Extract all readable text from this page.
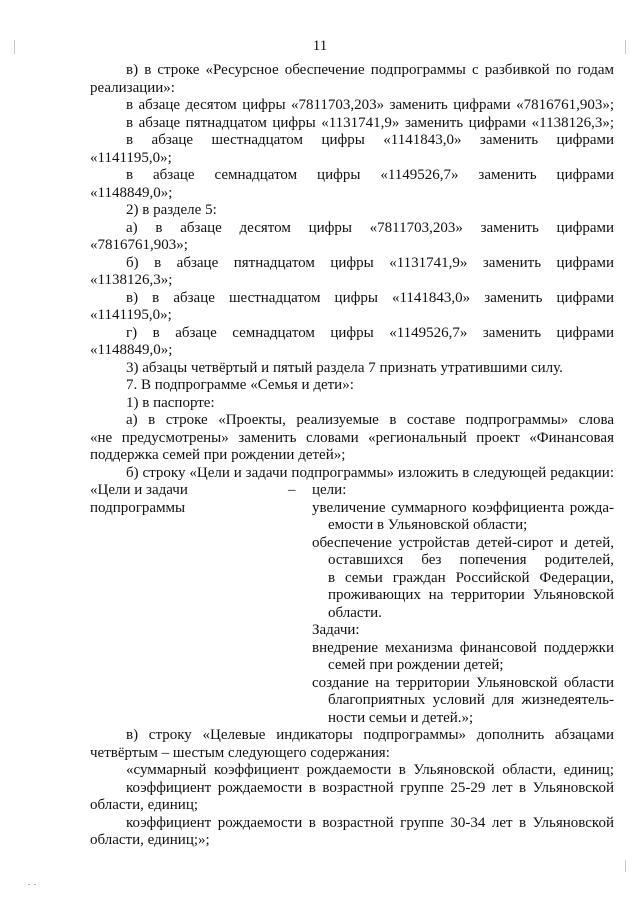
11
в) в строке «Ресурсное обеспечение подпрограммы с разбивкой по годам
реализации»:
в абзаце десятом цифры «7811703,203» заменить цифрами «7816761,903»;
в абзаце пятнадцатом цифры «1131741,9» заменить цифрами «1138126,3»;
в абзаце шестнадцатом цифры «1141843,0» заменить цифрами
«1141195,0»;
в абзаце семнадцатом цифры «1149526,7» заменить цифрами
«1148849,0»;
2) в разделе 5:
а) в абзаце десятом цифры «7811703,203» заменить цифрами
«7816761,903»;
б) в абзаце пятнадцатом цифры «1131741,9» заменить цифрами
«1138126,3»;
в) в абзаце шестнадцатом цифры «1141843,0» заменить цифрами
«1141195,0»;
г) в абзаце семнадцатом цифры «1149526,7» заменить цифрами
«1148849,0»;
3) абзацы четвёртый и пятый раздела 7 признать утратившими силу.
7. В подпрограмме «Семья и дети»:
1) в паспорте:
а) в строке «Проекты, реализуемые в составе подпрограммы» слова
«не предусмотрены» заменить словами «региональный проект «Финансовая
поддержка семей при рождении детей»;
б) строку «Цели и задачи подпрограммы» изложить в следующей редакции:
«Цели и задачи
подпрограммы
–	цели:
увеличение суммарного коэффициента рожда-
емости в Ульяновской области;
обеспечение устройстав детей-сирот и детей,
оставшихся без попечения родителей,
в семьи граждан Российской Федерации,
проживающих на территории Ульяновской
области.
Задачи:
внедрение механизма финансовой поддержки
семей при рождении детей;
создание на территории Ульяновской области
благоприятных условий для жизнедеятель-
ности семьи и детей.»;
в) строку «Целевые индикаторы подпрограммы» дополнить абзацами
четвёртым – шестым следующего содержания:
«суммарный коэффициент рождаемости в Ульяновской области, единиц;
коэффициент рождаемости в возрастной группе 25-29 лет в Ульяновской
области, единиц;
коэффициент рождаемости в возрастной группе 30-34 лет в Ульяновской
области, единиц;»;
